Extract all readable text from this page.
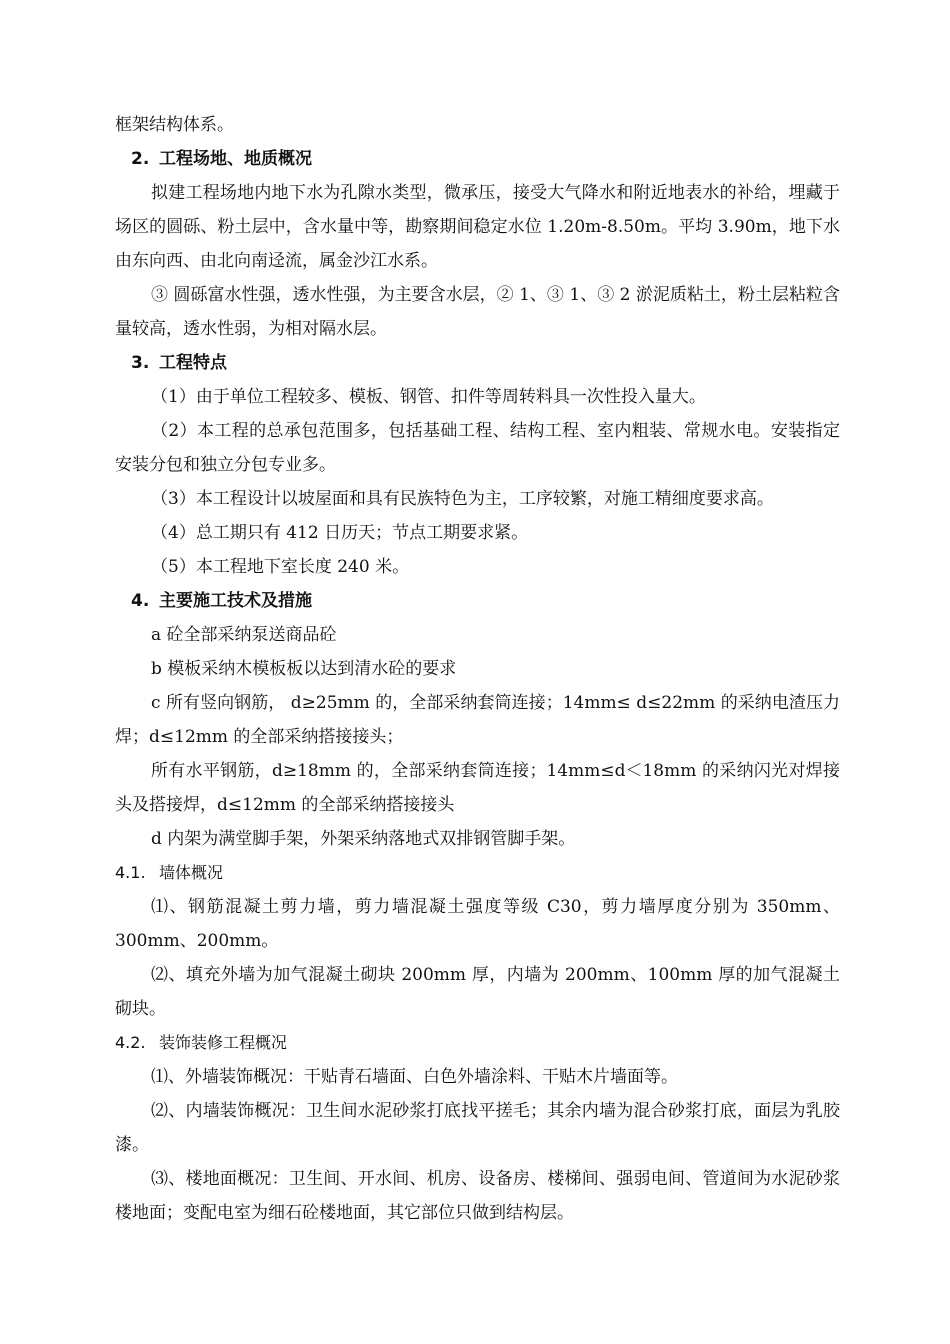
框架结构体系。

2. 工程场地、地质概况

拟建工程场地内地下水为孔隙水类型，微承压，接受大气降水和附近地表水的补给，埋藏于场区的圆砾、粉土层中，含水量中等，勘察期间稳定水位 1.20m-8.50m。平均 3.90m，地下水由东向西、由北向南迳流，属金沙江水系。

③ 圆砾富水性强，透水性强，为主要含水层，② 1、③ 1、③ 2 淤泥质粘土，粉土层粘粒含量较高，透水性弱，为相对隔水层。

3. 工程特点

（1）由于单位工程较多、模板、钢管、扣件等周转料具一次性投入量大。

（2）本工程的总承包范围多，包括基础工程、结构工程、室内粗装、常规水电。安装指定安装分包和独立分包专业多。

（3）本工程设计以坡屋面和具有民族特色为主，工序较繁，对施工精细度要求高。

（4）总工期只有 412 日历天；节点工期要求紧。

（5）本工程地下室长度 240 米。

4. 主要施工技术及措施

a 砼全部采纳泵送商品砼

b 模板采纳木模板板以达到清水砼的要求

c 所有竖向钢筋， d≥25mm 的，全部采纳套筒连接；14mm≤ d≤22mm 的采纳电渣压力焊；d≤12mm 的全部采纳搭接接头；

所有水平钢筋，d≥18mm 的，全部采纳套筒连接；14mm≤d＜18mm 的采纳闪光对焊接头及搭接焊，d≤12mm 的全部采纳搭接接头

d 内架为满堂脚手架，外架采纳落地式双排钢管脚手架。

4.1. 墙体概况

⑴、钢筋混凝土剪力墙，剪力墙混凝土强度等级 C30，剪力墙厚度分别为 350mm、300mm、200mm。

⑵、填充外墙为加气混凝土砌块 200mm 厚，内墙为 200mm、100mm 厚的加气混凝土砌块。

4.2. 装饰装修工程概况

⑴、外墙装饰概况：干贴青石墙面、白色外墙涂料、干贴木片墙面等。

⑵、内墙装饰概况：卫生间水泥砂浆打底找平搓毛；其余内墙为混合砂浆打底，面层为乳胶漆。

⑶、楼地面概况：卫生间、开水间、机房、设备房、楼梯间、强弱电间、管道间为水泥砂浆楼地面；变配电室为细石砼楼地面，其它部位只做到结构层。
